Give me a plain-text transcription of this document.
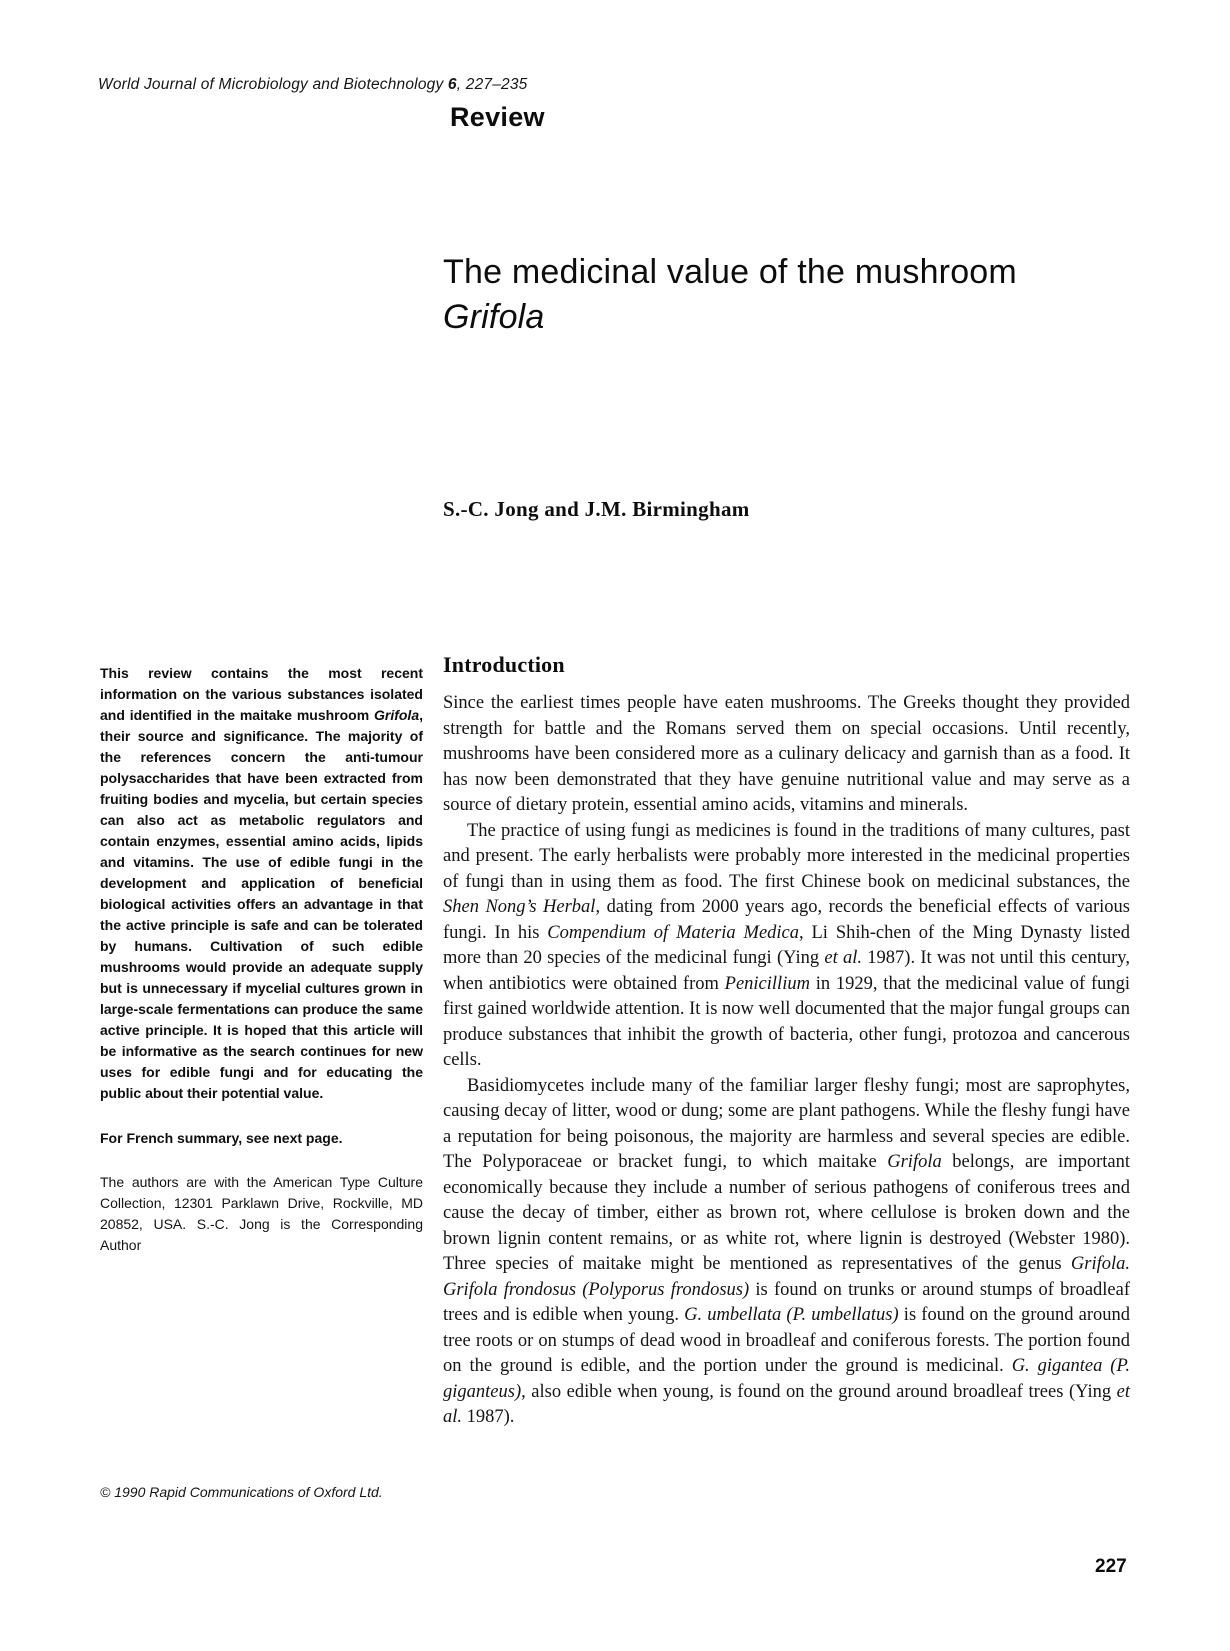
World Journal of Microbiology and Biotechnology 6, 227–235
Review
The medicinal value of the mushroom
Grifola
S.-C. Jong and J.M. Birmingham

This review contains the most recent information on the various substances isolated and identified in the maitake mushroom Grifola, their source and significance. The majority of the references concern the anti-tumour polysaccharides that have been extracted from fruiting bodies and mycelia, but certain species can also act as metabolic regulators and contain enzymes, essential amino acids, lipids and vitamins. The use of edible fungi in the development and application of beneficial biological activities offers an advantage in that the active principle is safe and can be tolerated by humans. Cultivation of such edible mushrooms would provide an adequate supply but is unnecessary if mycelial cultures grown in large-scale fermentations can produce the same active principle. It is hoped that this article will be informative as the search continues for new uses for edible fungi and for educating the public about their potential value.

For French summary, see next page.

The authors are with the American Type Culture Collection, 12301 Parklawn Drive, Rockville, MD 20852, USA. S.-C. Jong is the Corresponding Author

Introduction

Since the earliest times people have eaten mushrooms. The Greeks thought they provided strength for battle and the Romans served them on special occasions. Until recently, mushrooms have been considered more as a culinary delicacy and garnish than as a food. It has now been demonstrated that they have genuine nutritional value and may serve as a source of dietary protein, essential amino acids, vitamins and minerals.

The practice of using fungi as medicines is found in the traditions of many cultures, past and present. The early herbalists were probably more interested in the medicinal properties of fungi than in using them as food. The first Chinese book on medicinal substances, the Shen Nong’s Herbal, dating from 2000 years ago, records the beneficial effects of various fungi. In his Compendium of Materia Medica, Li Shih-chen of the Ming Dynasty listed more than 20 species of the medicinal fungi (Ying et al. 1987). It was not until this century, when antibiotics were obtained from Penicillium in 1929, that the medicinal value of fungi first gained worldwide attention. It is now well documented that the major fungal groups can produce substances that inhibit the growth of bacteria, other fungi, protozoa and cancerous cells.

Basidiomycetes include many of the familiar larger fleshy fungi; most are saprophytes, causing decay of litter, wood or dung; some are plant pathogens. While the fleshy fungi have a reputation for being poisonous, the majority are harmless and several species are edible. The Polyporaceae or bracket fungi, to which maitake Grifola belongs, are important economically because they include a number of serious pathogens of coniferous trees and cause the decay of timber, either as brown rot, where cellulose is broken down and the brown lignin content remains, or as white rot, where lignin is destroyed (Webster 1980). Three species of maitake might be mentioned as representatives of the genus Grifola. Grifola frondosus (Polyporus frondosus) is found on trunks or around stumps of broadleaf trees and is edible when young. G. umbellata (P. umbellatus) is found on the ground around tree roots or on stumps of dead wood in broadleaf and coniferous forests. The portion found on the ground is edible, and the portion under the ground is medicinal. G. gigantea (P. giganteus), also edible when young, is found on the ground around broadleaf trees (Ying et al. 1987).

© 1990 Rapid Communications of Oxford Ltd.
227
